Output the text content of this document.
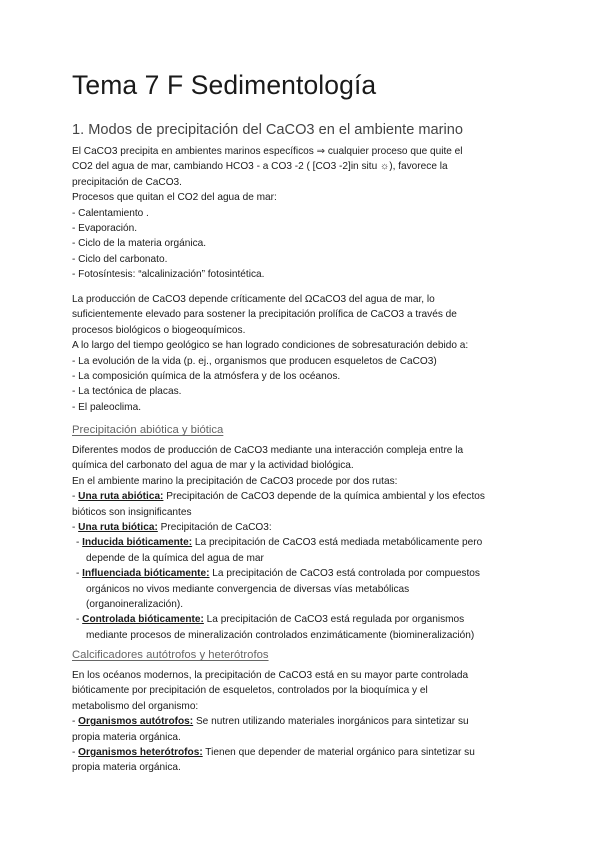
Tema 7 F Sedimentología
1. Modos de precipitación del CaCO3 en el ambiente marino
El CaCO3 precipita en ambientes marinos específicos ⇒ cualquier proceso que quite el
CO2 del agua de mar, cambiando HCO3 - a CO3 -2 ( [CO3 -2]in situ ☼), favorece la
precipitación de CaCO3.
Procesos que quitan el CO2 del agua de mar:
- Calentamiento .
- Evaporación.
- Ciclo de la materia orgánica.
- Ciclo del carbonato.
- Fotosíntesis: “alcalinización” fotosintética.
La producción de CaCO3 depende críticamente del ΩCaCO3 del agua de mar, lo
suficientemente elevado para sostener la precipitación prolífica de CaCO3 a través de
procesos biológicos o biogeoquímicos.
A lo largo del tiempo geológico se han logrado condiciones de sobresaturación debido a:
- La evolución de la vida (p. ej., organismos que producen esqueletos de CaCO3)
- La composición química de la atmósfera y de los océanos.
- La tectónica de placas.
- El paleoclima.
Precipitación abiótica y biótica
Diferentes modos de producción de CaCO3 mediante una interacción compleja entre la
química del carbonato del agua de mar y la actividad biológica.
En el ambiente marino la precipitación de CaCO3 procede por dos rutas:
- Una ruta abiótica: Precipitación de CaCO3 depende de la química ambiental y los efectos
bióticos son insignificantes
- Una ruta biótica: Precipitación de CaCO3:
- Inducida bióticamente: La precipitación de CaCO3 está mediada metabólicamente pero
depende de la química del agua de mar
- Influenciada bióticamente: La precipitación de CaCO3 está controlada por compuestos
orgánicos no vivos mediante convergencia de diversas vías metabólicas
(organoineralización).
- Controlada bióticamente: La precipitación de CaCO3 está regulada por organismos
mediante procesos de mineralización controlados enzimáticamente (biomineralización)
Calcificadores autótrofos y heterótrofos
En los océanos modernos, la precipitación de CaCO3 está en su mayor parte controlada
bióticamente por precipitación de esqueletos, controlados por la bioquímica y el
metabolismo del organismo:
- Organismos autótrofos: Se nutren utilizando materiales inorgánicos para sintetizar su
propia materia orgánica.
- Organismos heterótrofos: Tienen que depender de material orgánico para sintetizar su
propia materia orgánica.
